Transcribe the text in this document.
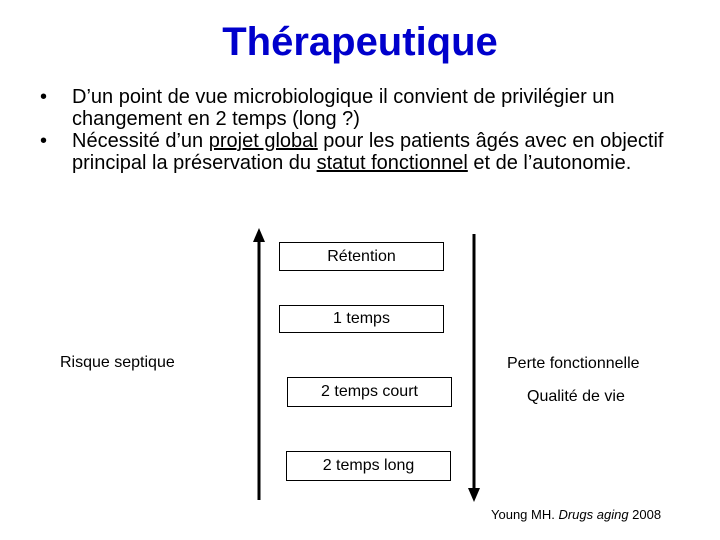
Thérapeutique
• D’un point de vue microbiologique il convient de privilégier un changement en 2 temps (long ?)
• Nécessité d’un projet global pour les patients âgés avec en objectif principal la préservation du statut fonctionnel et de l’autonomie.
Rétention
1 temps
2 temps court
2 temps long
Risque septique	Perte fonctionnelle
Qualité de vie
Young MH. Drugs aging 2008
